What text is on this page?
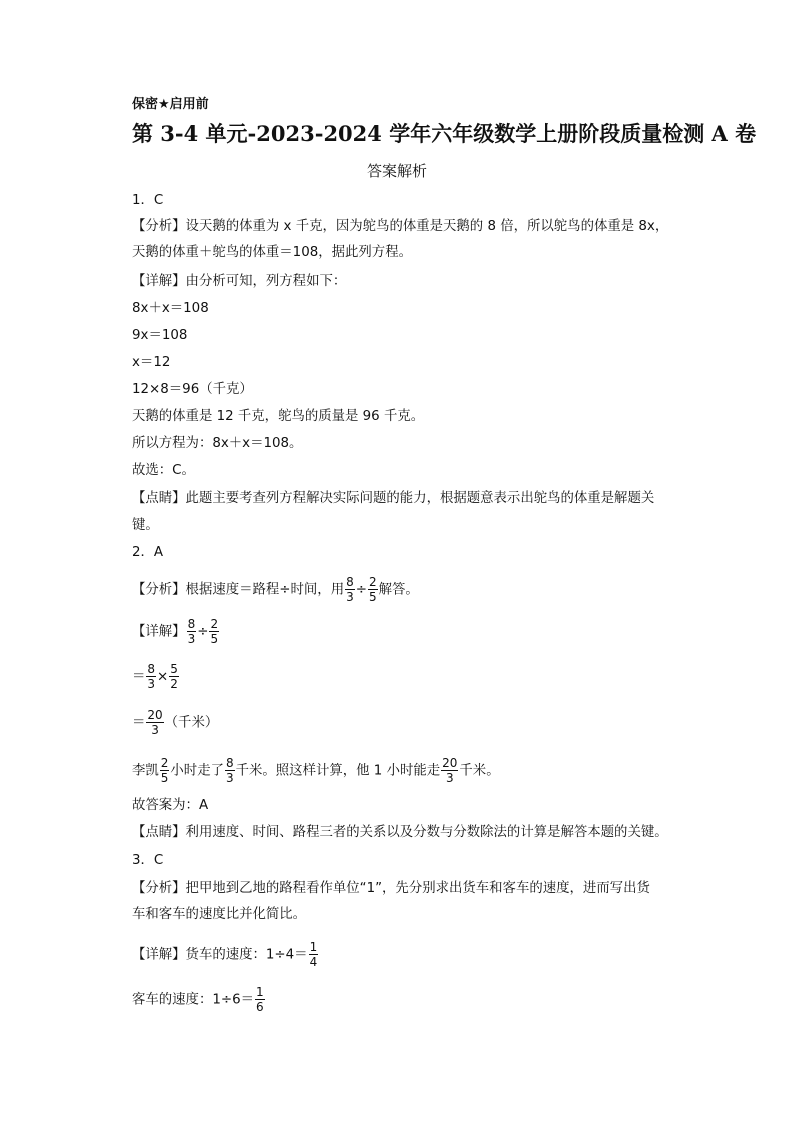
保密★启用前
第 3-4 单元-2023-2024 学年六年级数学上册阶段质量检测 A 卷
答案解析
1．C
【分析】设天鹅的体重为 x 千克，因为鸵鸟的体重是天鹅的 8 倍，所以鸵鸟的体重是 8x，
天鹅的体重＋鸵鸟的体重＝108，据此列方程。
【详解】由分析可知，列方程如下：
8x＋x＝108
9x＝108
x＝12
12×8＝96（千克）
天鹅的体重是 12 千克，鸵鸟的质量是 96 千克。
所以方程为：8x＋x＝108。
故选：C。
【点睛】此题主要考查列方程解决实际问题的能力，根据题意表示出鸵鸟的体重是解题关
键。
2．A
【分析】根据速度＝路程÷时间，用 $\frac{8}{3} \div \frac{2}{5}$ 解答。
【详解】 $\frac{8}{3} \div \frac{2}{5}$
＝ $\frac{8}{3} \times \frac{5}{2}$
＝ $\frac{20}{3}$ （千米）
李凯 $\frac{2}{5}$ 小时走了 $\frac{8}{3}$ 千米。照这样计算，他 1 小时能走 $\frac{20}{3}$ 千米。
故答案为：A
【点睛】利用速度、时间、路程三者的关系以及分数与分数除法的计算是解答本题的关键。
3．C
【分析】把甲地到乙地的路程看作单位“1”，先分别求出货车和客车的速度，进而写出货
车和客车的速度比并化简比。
【详解】货车的速度：$1\div 4= \frac{1}{4}$
客车的速度：$1\div 6= \frac{1}{6}$
